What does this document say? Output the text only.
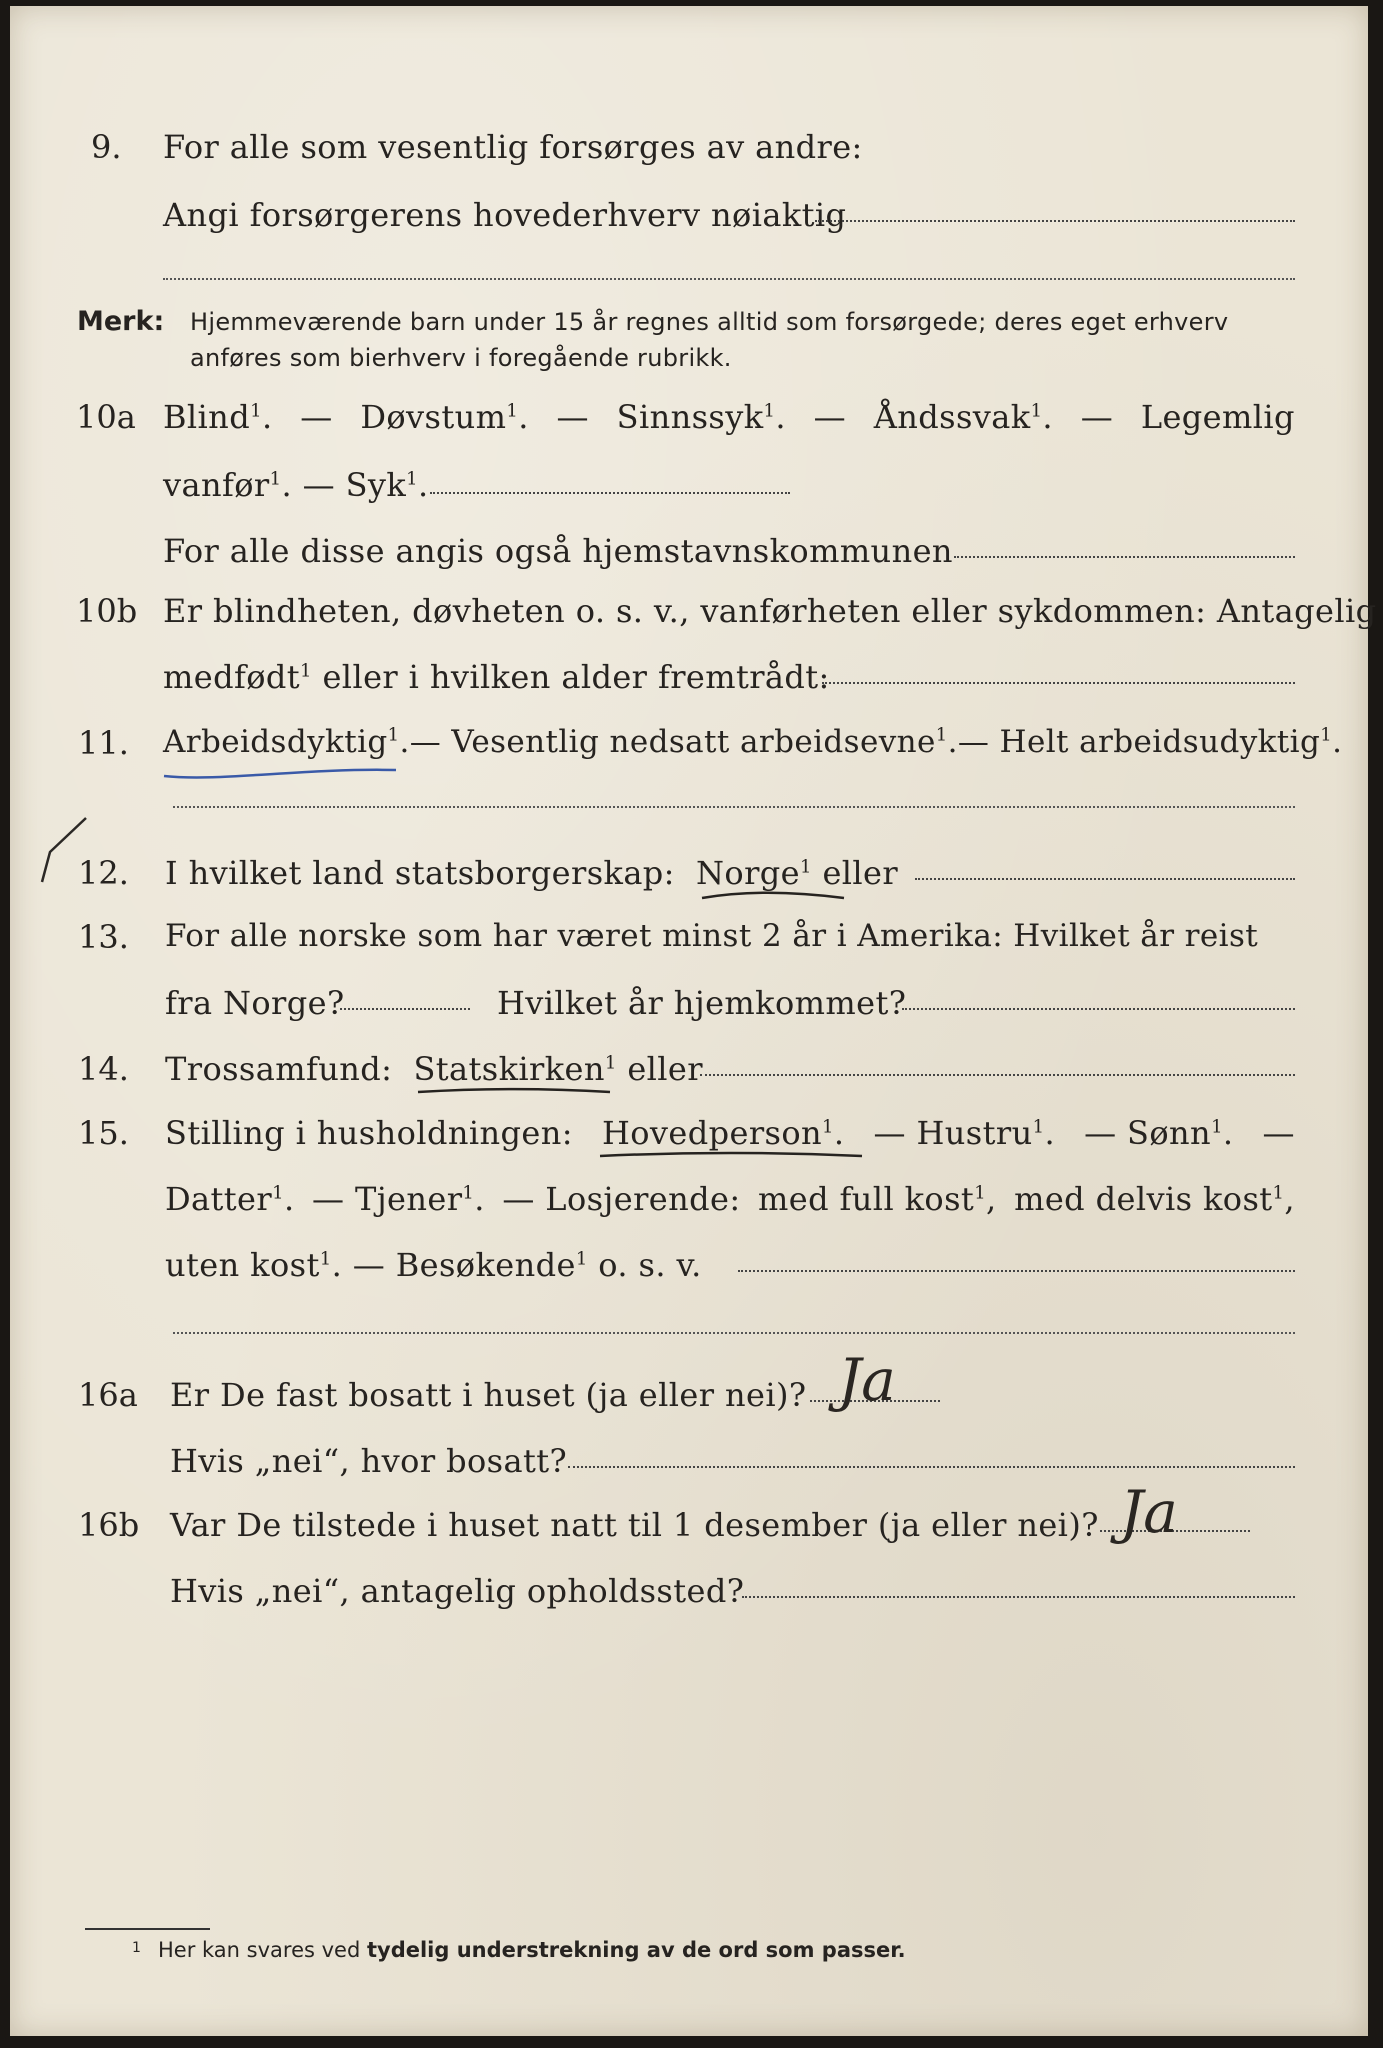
9. For alle som vesentlig forsørges av andre:
Angi forsørgerens hovederhverv nøiaktig
Merk: Hjemmeværende barn under 15 år regnes alltid som forsørgede; deres eget erhverv
anføres som bierhverv i foregående rubrikk.
10a Blind$^1$. — Døvstum$^1$. — Sinnssyk$^1$. — Åndssvak$^1$. — Legemlig
vanfør$^1$. — Syk$^1$.
For alle disse angis også hjemstavnskommunen
10b Er blindheten, døvheten o. s. v., vanførheten eller sykdommen: Antagelig
medfødt$^1$ eller i hvilken alder fremtrådt:
11. Arbeidsdyktig$^1$. — Vesentlig nedsatt arbeidsevne$^1$. — Helt arbeidsudyktig$^1$.
12. I hvilket land statsborgerskap: Norge$^1$ eller
13. For alle norske som har været minst 2 år i Amerika: Hvilket år reist
fra Norge?	Hvilket år hjemkommet?
14. Trossamfund: Statskirken$^1$ eller
15. Stilling i husholdningen: Hovedperson$^1$. — Hustru$^1$. — Sønn$^1$. —
Datter$^1$. — Tjener$^1$. — Losjerende: med full kost$^1$, med delvis kost$^1$,
uten kost$^1$. — Besøkende$^1$ o. s. v.
16a Er De fast bosatt i huset (ja eller nei)? Ja
Hvis „nei“, hvor bosatt?
16b Var De tilstede i huset natt til 1 desember (ja eller nei)? Ja
Hvis „nei“, antagelig opholdssted?
1 Her kan svares ved tydelig understrekning av de ord som passer.
